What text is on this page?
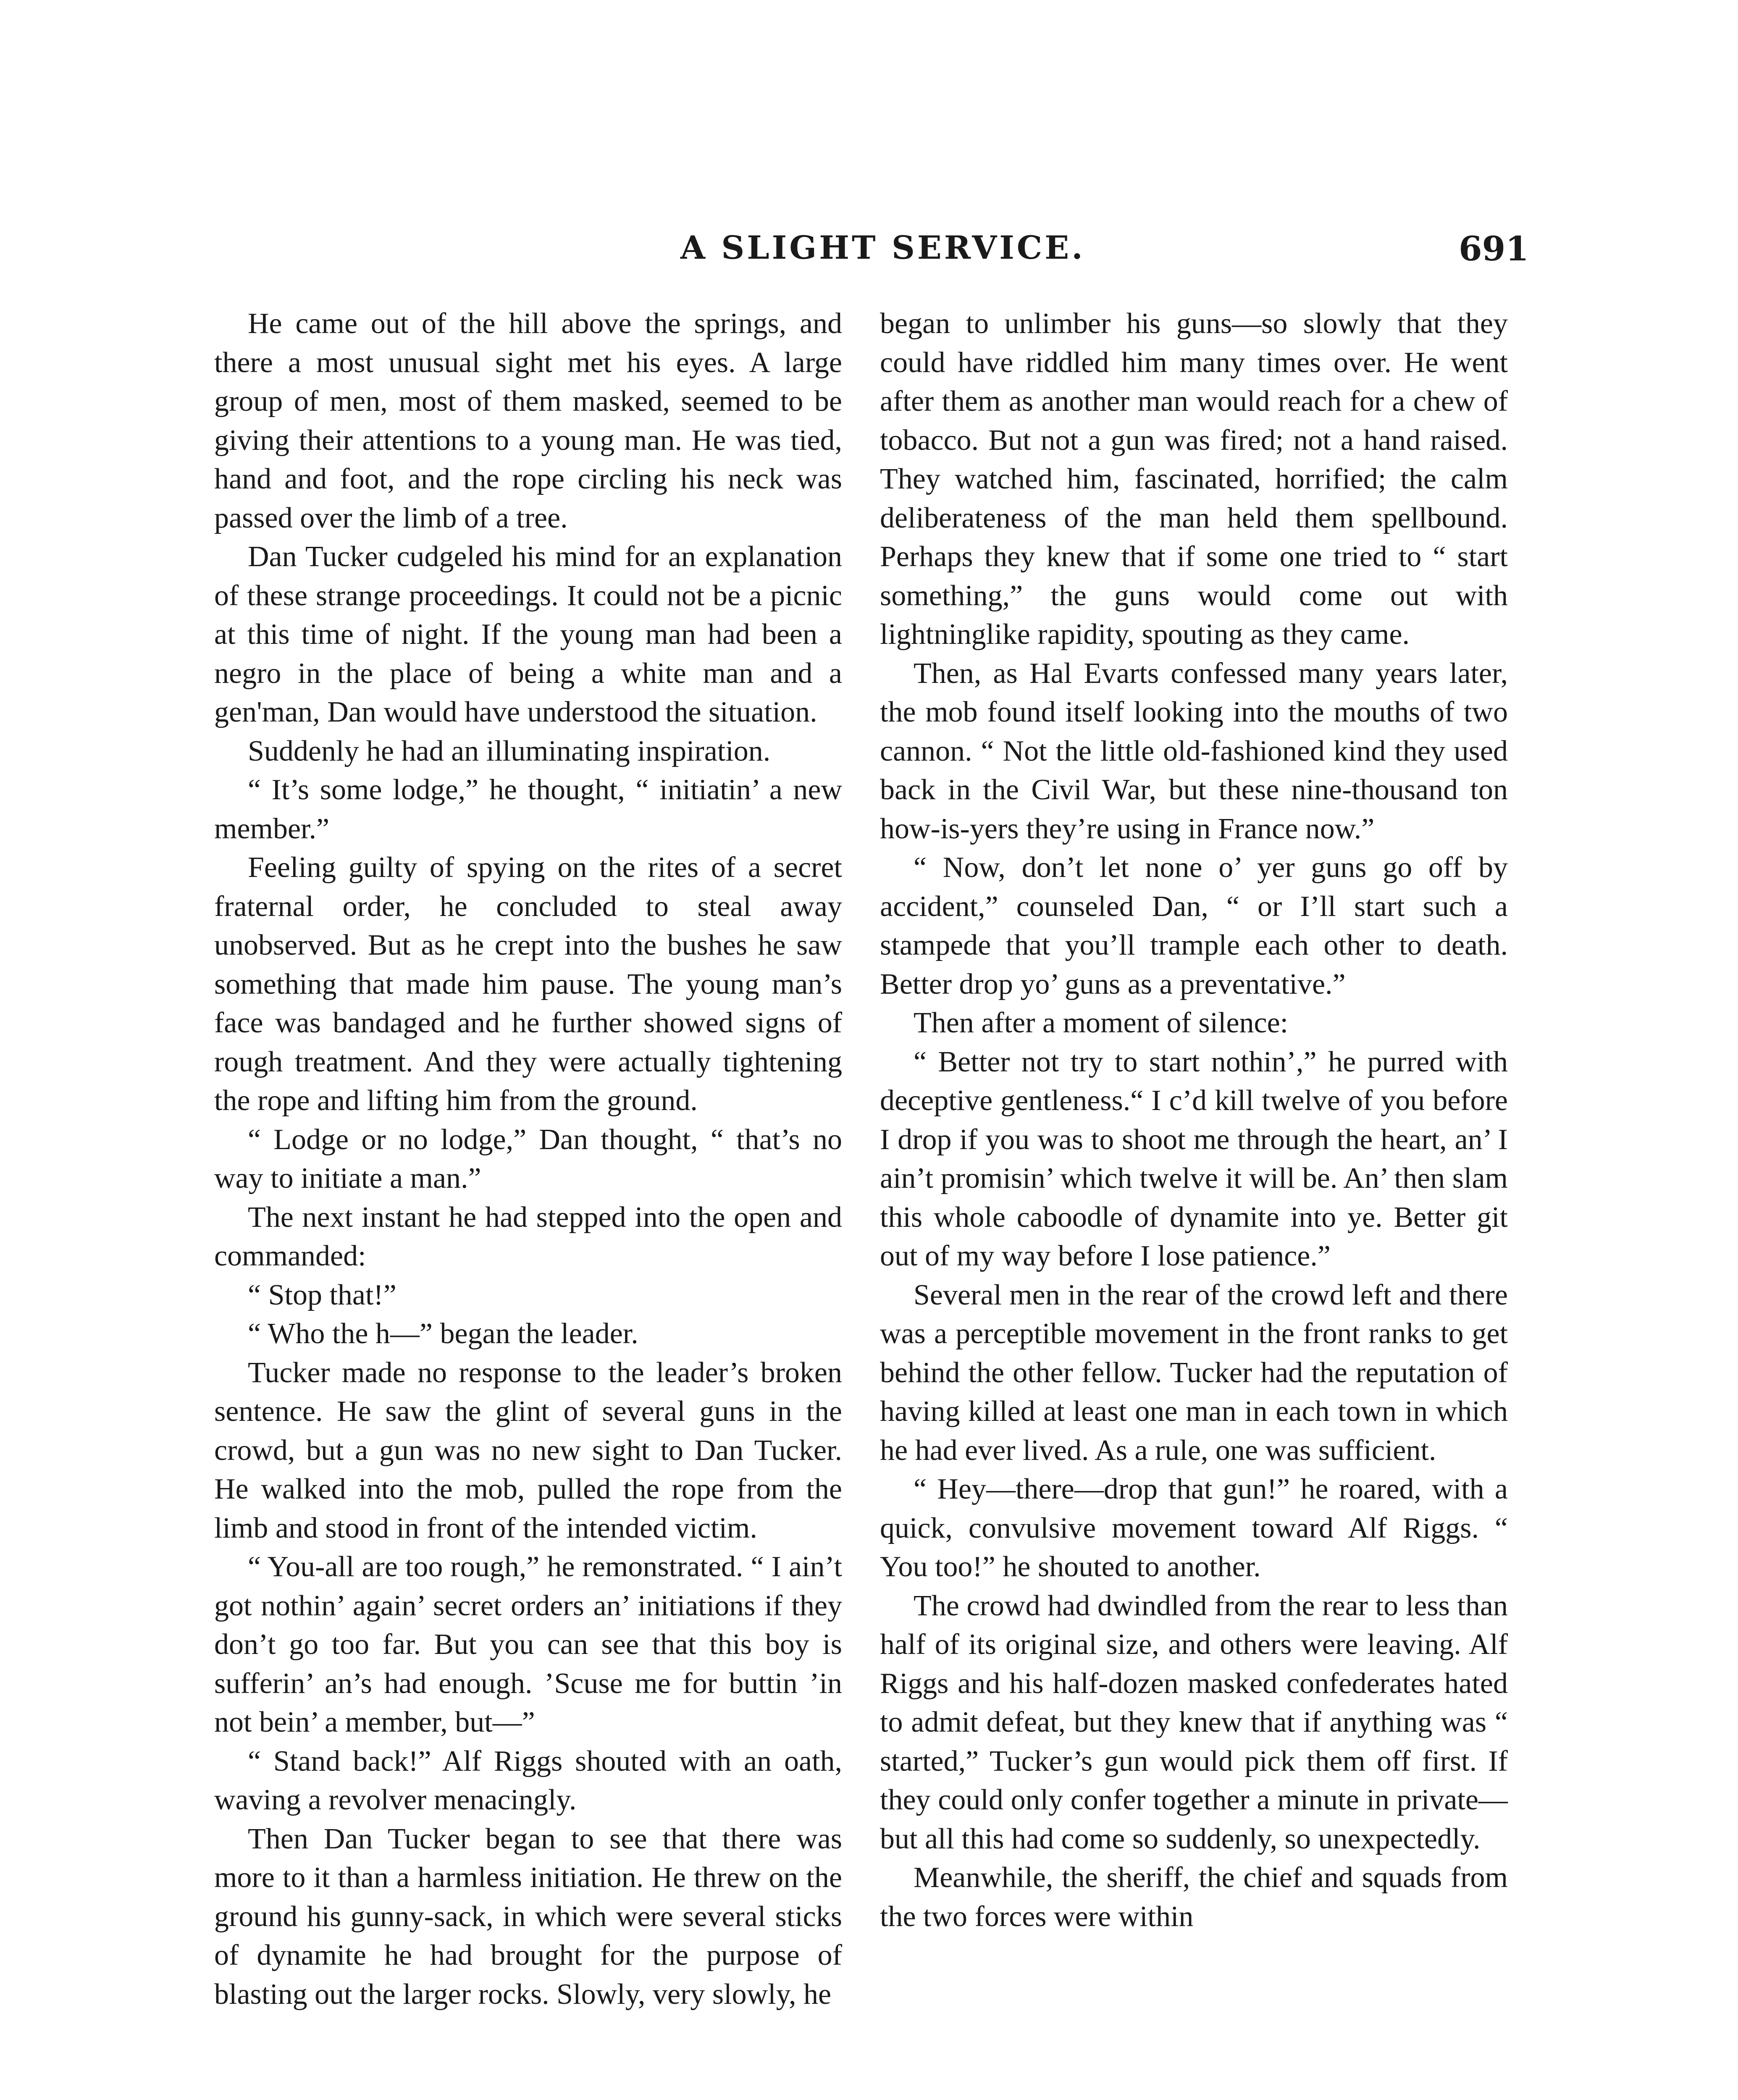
A SLIGHT SERVICE.	691

He came out of the hill above the springs, and there a most unusual sight met his eyes. A large group of men, most of them masked, seemed to be giving their attentions to a young man. He was tied, hand and foot, and the rope circling his neck was passed over the limb of a tree.

Dan Tucker cudgeled his mind for an explanation of these strange proceedings. It could not be a picnic at this time of night. If the young man had been a negro in the place of being a white man and a gen'man, Dan would have understood the situation.

Suddenly he had an illuminating inspiration.

“ It’s some lodge,” he thought, “ initiatin’ a new member.”

Feeling guilty of spying on the rites of a secret fraternal order, he concluded to steal away unobserved. But as he crept into the bushes he saw something that made him pause. The young man’s face was bandaged and he further showed signs of rough treatment. And they were actually tightening the rope and lifting him from the ground.

“ Lodge or no lodge,” Dan thought, “ that’s no way to initiate a man.”

The next instant he had stepped into the open and commanded:

“ Stop that!”

“ Who the h—” began the leader.

Tucker made no response to the leader’s broken sentence. He saw the glint of several guns in the crowd, but a gun was no new sight to Dan Tucker. He walked into the mob, pulled the rope from the limb and stood in front of the intended victim.

“ You-all are too rough,” he remonstrated. “ I ain’t got nothin’ again’ secret orders an’ initiations if they don’t go too far. But you can see that this boy is sufferin’ an’s had enough. ’Scuse me for buttin ’in not bein’ a member, but—”

“ Stand back!” Alf Riggs shouted with an oath, waving a revolver menacingly.

Then Dan Tucker began to see that there was more to it than a harmless initiation. He threw on the ground his gunny-sack, in which were several sticks of dynamite he had brought for the purpose of blasting out the larger rocks. Slowly, very slowly, he

began to unlimber his guns—so slowly that they could have riddled him many times over. He went after them as another man would reach for a chew of tobacco. But not a gun was fired; not a hand raised. They watched him, fascinated, horrified; the calm deliberateness of the man held them spellbound. Perhaps they knew that if some one tried to “ start something,” the guns would come out with lightninglike rapidity, spouting as they came.

Then, as Hal Evarts confessed many years later, the mob found itself looking into the mouths of two cannon. “ Not the little old-fashioned kind they used back in the Civil War, but these nine-thousand ton how-is-yers they’re using in France now.”

“ Now, don’t let none o’ yer guns go off by accident,” counseled Dan, “ or I’ll start such a stampede that you’ll trample each other to death. Better drop yo’ guns as a preventative.”

Then after a moment of silence:

“ Better not try to start nothin’,” he purred with deceptive gentleness.“ I c’d kill twelve of you before I drop if you was to shoot me through the heart, an’ I ain’t promisin’ which twelve it will be. An’ then slam this whole caboodle of dynamite into ye. Better git out of my way before I lose patience.”

Several men in the rear of the crowd left and there was a perceptible movement in the front ranks to get behind the other fellow. Tucker had the reputation of having killed at least one man in each town in which he had ever lived. As a rule, one was sufficient.

“ Hey—there—drop that gun!” he roared, with a quick, convulsive movement toward Alf Riggs. “ You too!” he shouted to another.

The crowd had dwindled from the rear to less than half of its original size, and others were leaving. Alf Riggs and his half-dozen masked confederates hated to admit defeat, but they knew that if anything was “ started,” Tucker’s gun would pick them off first. If they could only confer together a minute in private—but all this had come so suddenly, so unexpectedly.

Meanwhile, the sheriff, the chief and squads from the two forces were within
